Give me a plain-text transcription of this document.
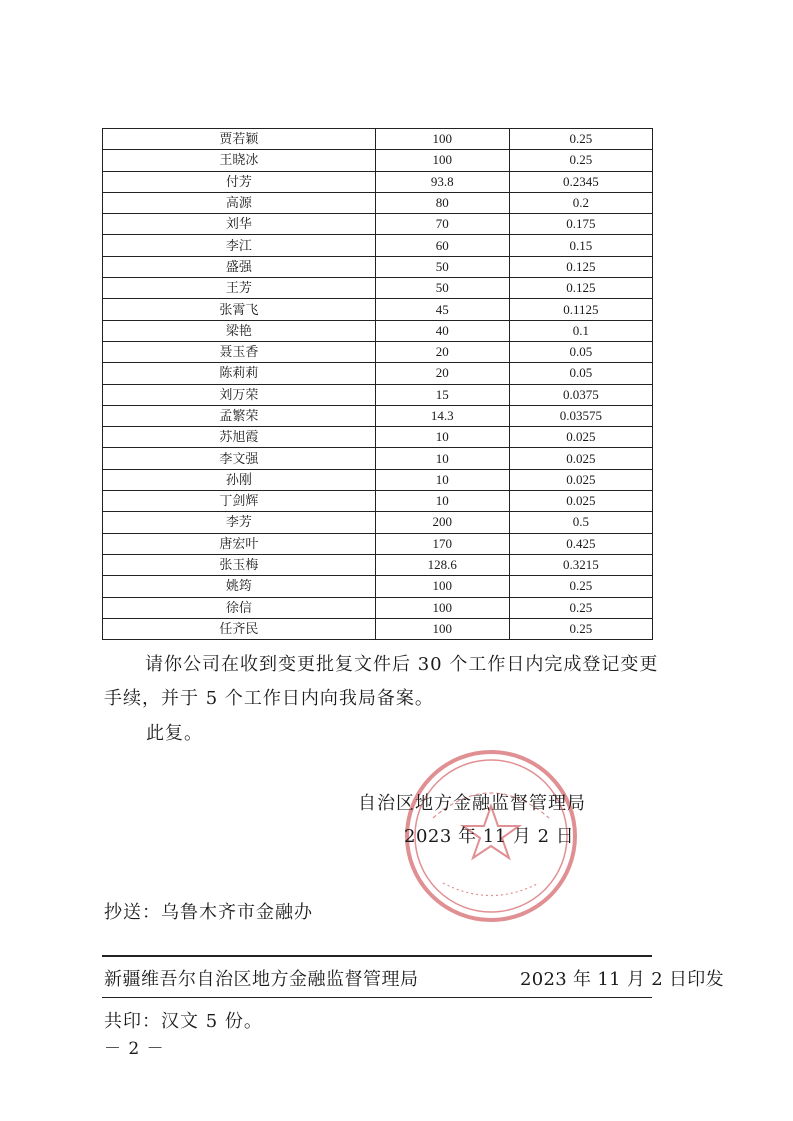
贾若颖	100	0.25
王晓冰	100	0.25
付芳	93.8	0.2345
高源	80	0.2
刘华	70	0.175
李江	60	0.15
盛强	50	0.125
王芳	50	0.125
张霄飞	45	0.1125
梁艳	40	0.1
聂玉香	20	0.05
陈莉莉	20	0.05
刘万荣	15	0.0375
孟繁荣	14.3	0.03575
苏旭霞	10	0.025
李文强	10	0.025
孙刚	10	0.025
丁剑辉	10	0.025
李芳	200	0.5
唐宏叶	170	0.425
张玉梅	128.6	0.3215
姚筠	100	0.25
徐信	100	0.25
任齐民	100	0.25
请你公司在收到变更批复文件后 30 个工作日内完成登记变更手续，并于 5 个工作日内向我局备案。
此复。
自治区地方金融监督管理局
2023 年 11 月 2 日
抄送：乌鲁木齐市金融办
新疆维吾尔自治区地方金融监督管理局	2023 年 11 月 2 日印发
共印：汉文 5 份。
－ 2 －
